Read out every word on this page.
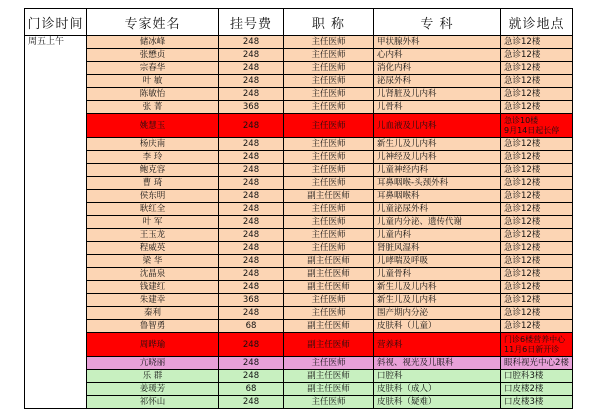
门诊时间	专家姓名	挂号费	职 称	专 科	就诊地点
周五上午	储冰峰	248	主任医师	甲状腺外科	急诊12楼
	张懋贞	248	主任医师	心内科	急诊12楼
	宗春华	248	主任医师	消化内科	急诊12楼
	叶 敏	248	主任医师	泌尿外科	急诊12楼
	陈敏怡	248	主任医师	儿肾脏及儿内科	急诊12楼
	张 菁	368	主任医师	儿骨科	急诊12楼
	姚慧玉	248	主任医师	儿血液及儿内科	急诊10楼
9月14日起长停

	杨庆南	248	主任医师	新生儿及儿内科	急诊12楼
	李 玲	248	主任医师	儿神经及儿内科	急诊12楼
	鲍克容	248	主任医师	儿童神经内科	急诊12楼
	曹 琦	248	主任医师	耳鼻咽喉-头颈外科	急诊12楼
	侯东明	248	副主任医师	耳鼻咽喉科	急诊12楼
	耿红全	248	主任医师	儿童泌尿外科	急诊12楼
	叶 军	248	主任医师	儿童内分泌、遗传代谢	急诊12楼
	王玉龙	248	主任医师	儿童内科	急诊12楼
	程威英	248	主任医师	肾脏风湿科	急诊12楼
	梁 华	248	副主任医师	儿哮喘及呼吸	急诊12楼
	沈晶泉	248	副主任医师	儿童骨科	急诊12楼
	钱建红	248	副主任医师	新生儿及儿内科	急诊12楼
	朱建幸	368	主任医师	新生儿及儿内科	急诊12楼
	秦利	248	主任医师	围产期内分泌	急诊12楼
	鲁智勇	68	副主任医师	皮肤科（儿童）	急诊12楼
	周晔瑜	248	副主任医师	营养科	门诊6楼营养中心
11月6日新开诊

	亢晓丽	248	主任医师	斜视、视光及儿眼科	眼科视光中心2楼
	乐 群	248	副主任医师	口腔科	口腔科3楼
	姜瑗芳	68	副主任医师	皮肤科（成人）	口皮楼2楼
	祁怀山	248	主任医师	皮肤科（疑难）	口皮楼3楼
